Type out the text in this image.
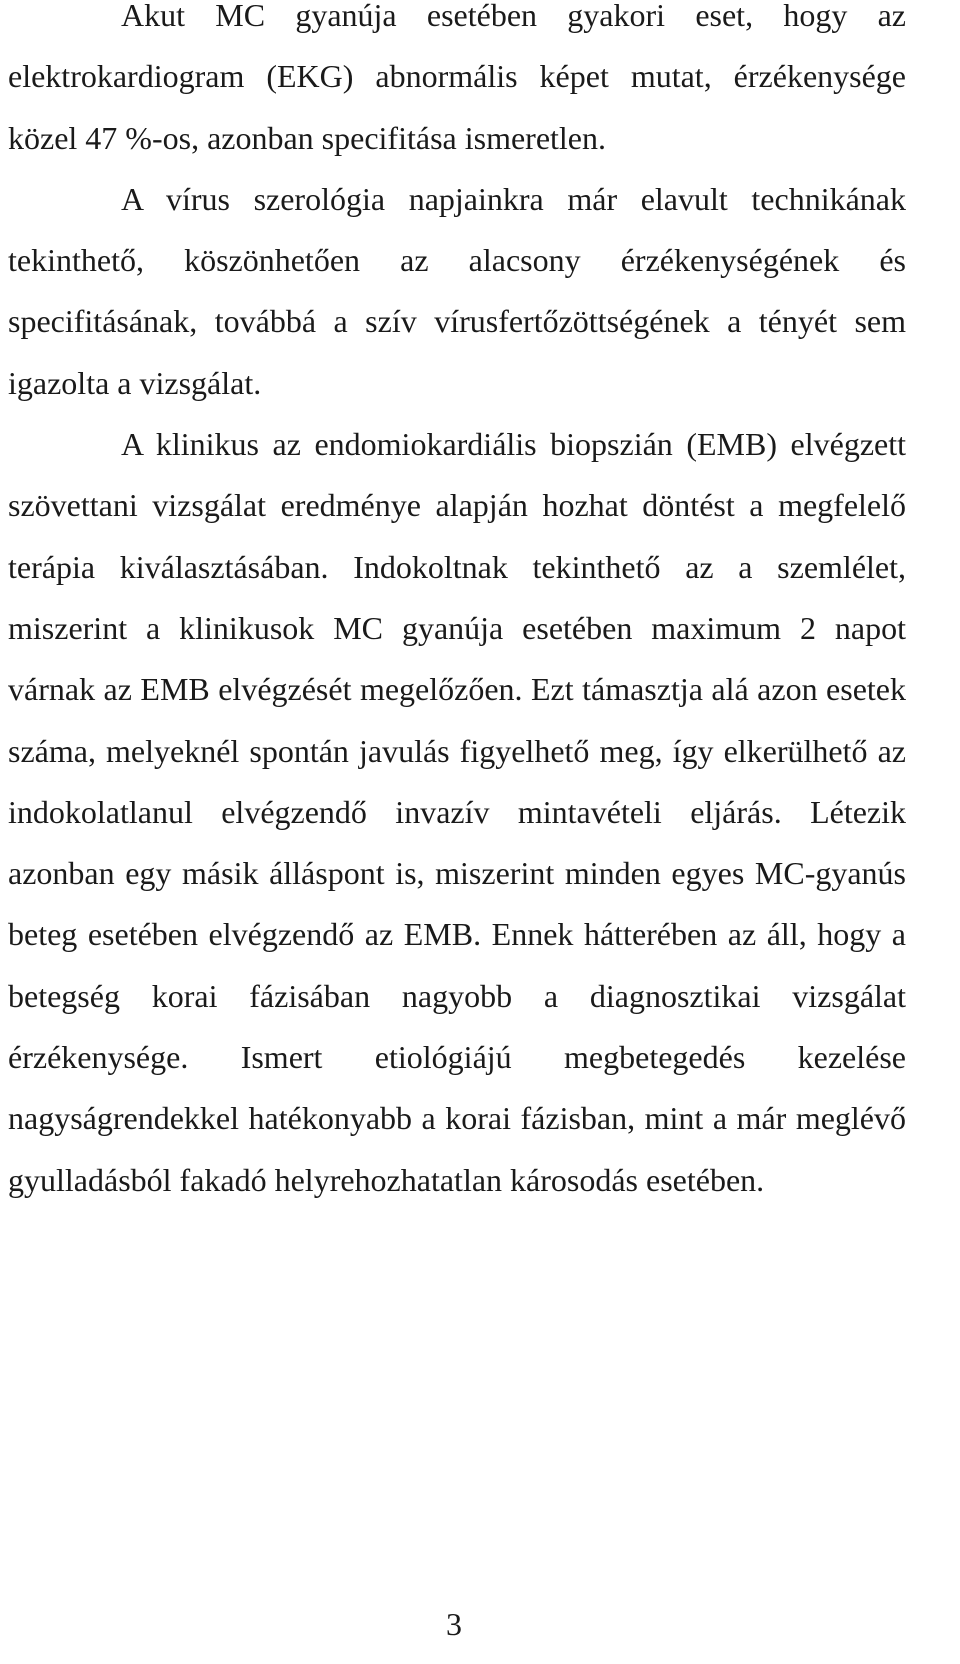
Akut MC gyanúja esetében gyakori eset, hogy az elektrokardiogram (EKG) abnormális képet mutat, érzékenysége közel 47 %-os, azonban specifitása ismeretlen.

A vírus szerológia napjainkra már elavult technikának tekinthető, köszönhetően az alacsony érzékenységének és specifitásának, továbbá a szív vírusfertőzöttségének a tényét sem igazolta a vizsgálat.

A klinikus az endomiokardiális biopszián (EMB) elvégzett szövettani vizsgálat eredménye alapján hozhat döntést a megfelelő terápia kiválasztásában. Indokoltnak tekinthető az a szemlélet, miszerint a klinikusok MC gyanúja esetében maximum 2 napot várnak az EMB elvégzését megelőzően. Ezt támasztja alá azon esetek száma, melyeknél spontán javulás figyelhető meg, így elkerülhető az indokolatlanul elvégzendő invazív mintavételi eljárás. Létezik azonban egy másik álláspont is, miszerint minden egyes MC-gyanús beteg esetében elvégzendő az EMB. Ennek hátterében az áll, hogy a betegség korai fázisában nagyobb a diagnosztikai vizsgálat érzékenysége. Ismert etiológiájú megbetegedés kezelése nagyságrendekkel hatékonyabb a korai fázisban, mint a már meglévő gyulladásból fakadó helyrehozhatatlan károsodás esetében.

3
